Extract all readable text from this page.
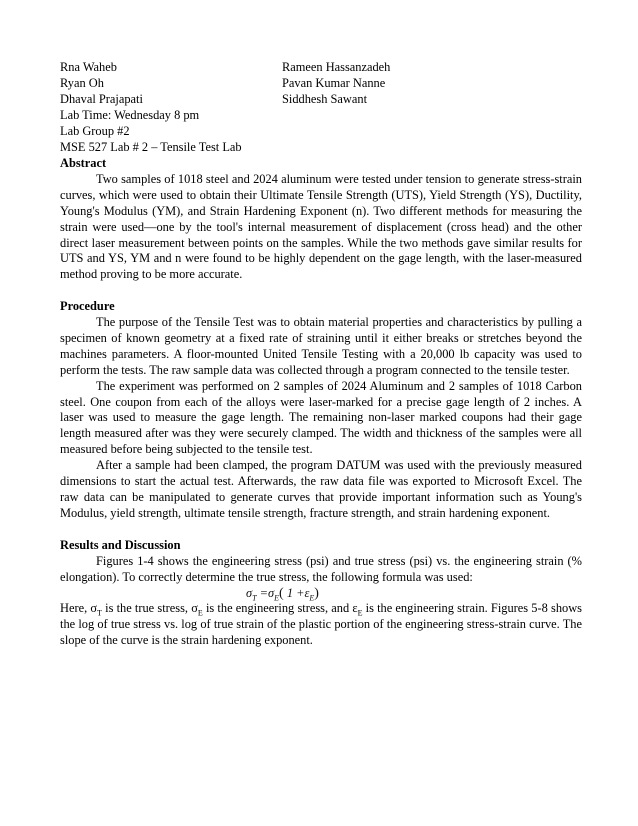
Rna Waheb
Ryan Oh
Dhaval Prajapati
Lab Time: Wednesday 8 pm
Lab Group #2
MSE 527 Lab # 2 – Tensile Test Lab
Rameen Hassanzadeh
Pavan Kumar Nanne
Siddhesh Sawant
Abstract

Two samples of 1018 steel and 2024 aluminum were tested under tension to generate stress-strain curves, which were used to obtain their Ultimate Tensile Strength (UTS), Yield Strength (YS), Ductility, Young's Modulus (YM), and Strain Hardening Exponent (n). Two different methods for measuring the strain were used—one by the tool's internal measurement of displacement (cross head) and the other direct laser measurement between points on the samples. While the two methods gave similar results for UTS and YS, YM and n were found to be highly dependent on the gage length, with the laser-measured method proving to be more accurate.

Procedure

The purpose of the Tensile Test was to obtain material properties and characteristics by pulling a specimen of known geometry at a fixed rate of straining until it either breaks or stretches beyond the machines parameters. A floor-mounted United Tensile Testing with a 20,000 lb capacity was used to perform the tests. The raw sample data was collected through a program connected to the tensile tester.

The experiment was performed on 2 samples of 2024 Aluminum and 2 samples of 1018 Carbon steel. One coupon from each of the alloys were laser-marked for a precise gage length of 2 inches. A laser was used to measure the gage length. The remaining non-laser marked coupons had their gage length measured after was they were securely clamped. The width and thickness of the samples were all measured before being subjected to the tensile test.

After a sample had been clamped, the program DATUM was used with the previously measured dimensions to start the actual test. Afterwards, the raw data file was exported to Microsoft Excel. The raw data can be manipulated to generate curves that provide important information such as Young's Modulus, yield strength, ultimate tensile strength, fracture strength, and strain hardening exponent.

Results and Discussion

Figures 1-4 shows the engineering stress (psi) and true stress (psi) vs. the engineering strain (% elongation). To correctly determine the true stress, the following formula was used:

$\sigma_T =\sigma_E$( $1 +\varepsilon_E$)

Here, $\sigma_T$ is the true stress, $\sigma_E$ is the engineering stress, and $\varepsilon_E$ is the engineering strain. Figures 5-8 shows the log of true stress vs. log of true strain of the plastic portion of the engineering stress-strain curve. The slope of the curve is the strain hardening exponent.
